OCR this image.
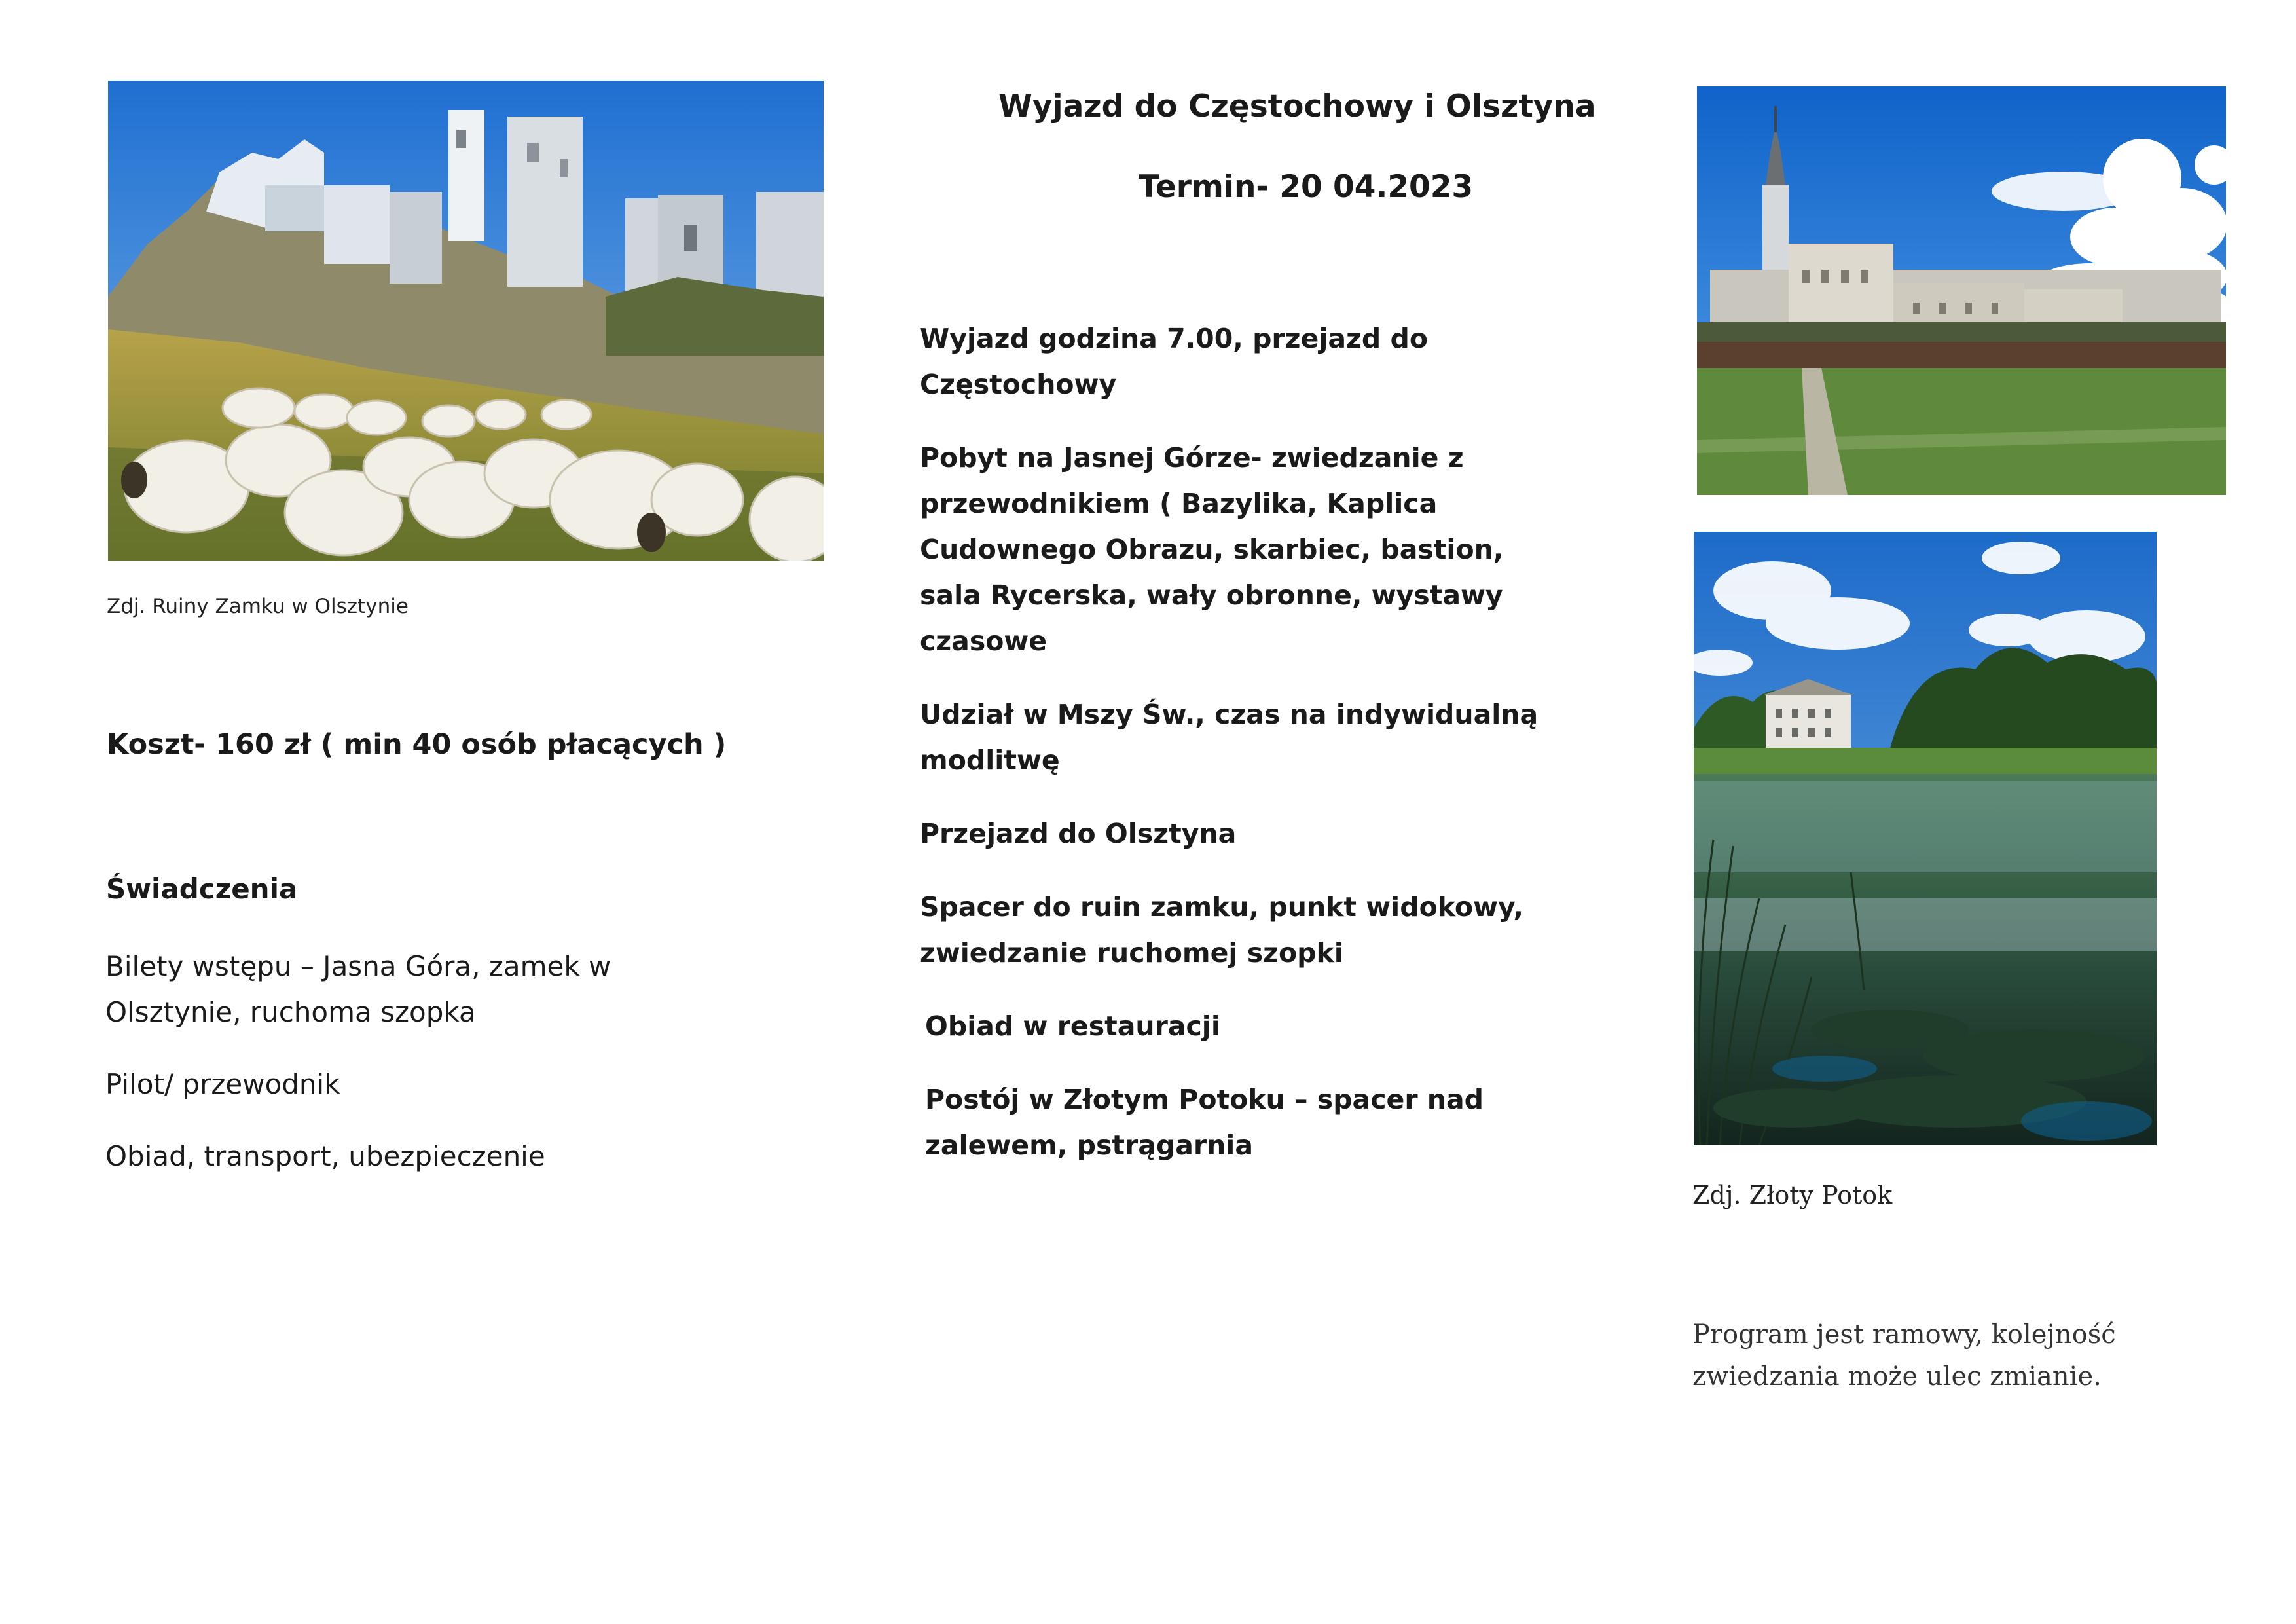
Zdj. Ruiny Zamku w Olsztynie
Koszt- 160 zł ( min 40 osób płacących )
Świadczenia

Bilety wstępu – Jasna Góra, zamek w Olsztynie, ruchoma szopka

Pilot/ przewodnik

Obiad, transport, ubezpieczenie

Wyjazd do Częstochowy i Olsztyna
Termin- 20 04.2023

Wyjazd godzina 7.00, przejazd do Częstochowy

Pobyt na Jasnej Górze- zwiedzanie z przewodnikiem ( Bazylika, Kaplica Cudownego Obrazu, skarbiec, bastion, sala Rycerska, wały obronne, wystawy czasowe

Udział w Mszy Św., czas na indywidualną modlitwę

Przejazd do Olsztyna

Spacer do ruin zamku, punkt widokowy, zwiedzanie ruchomej szopki

Obiad w restauracji

Postój w Złotym Potoku – spacer nad zalewem, pstrągarnia

Zdj. Złoty Potok
Program jest ramowy, kolejność zwiedzania może ulec zmianie.
